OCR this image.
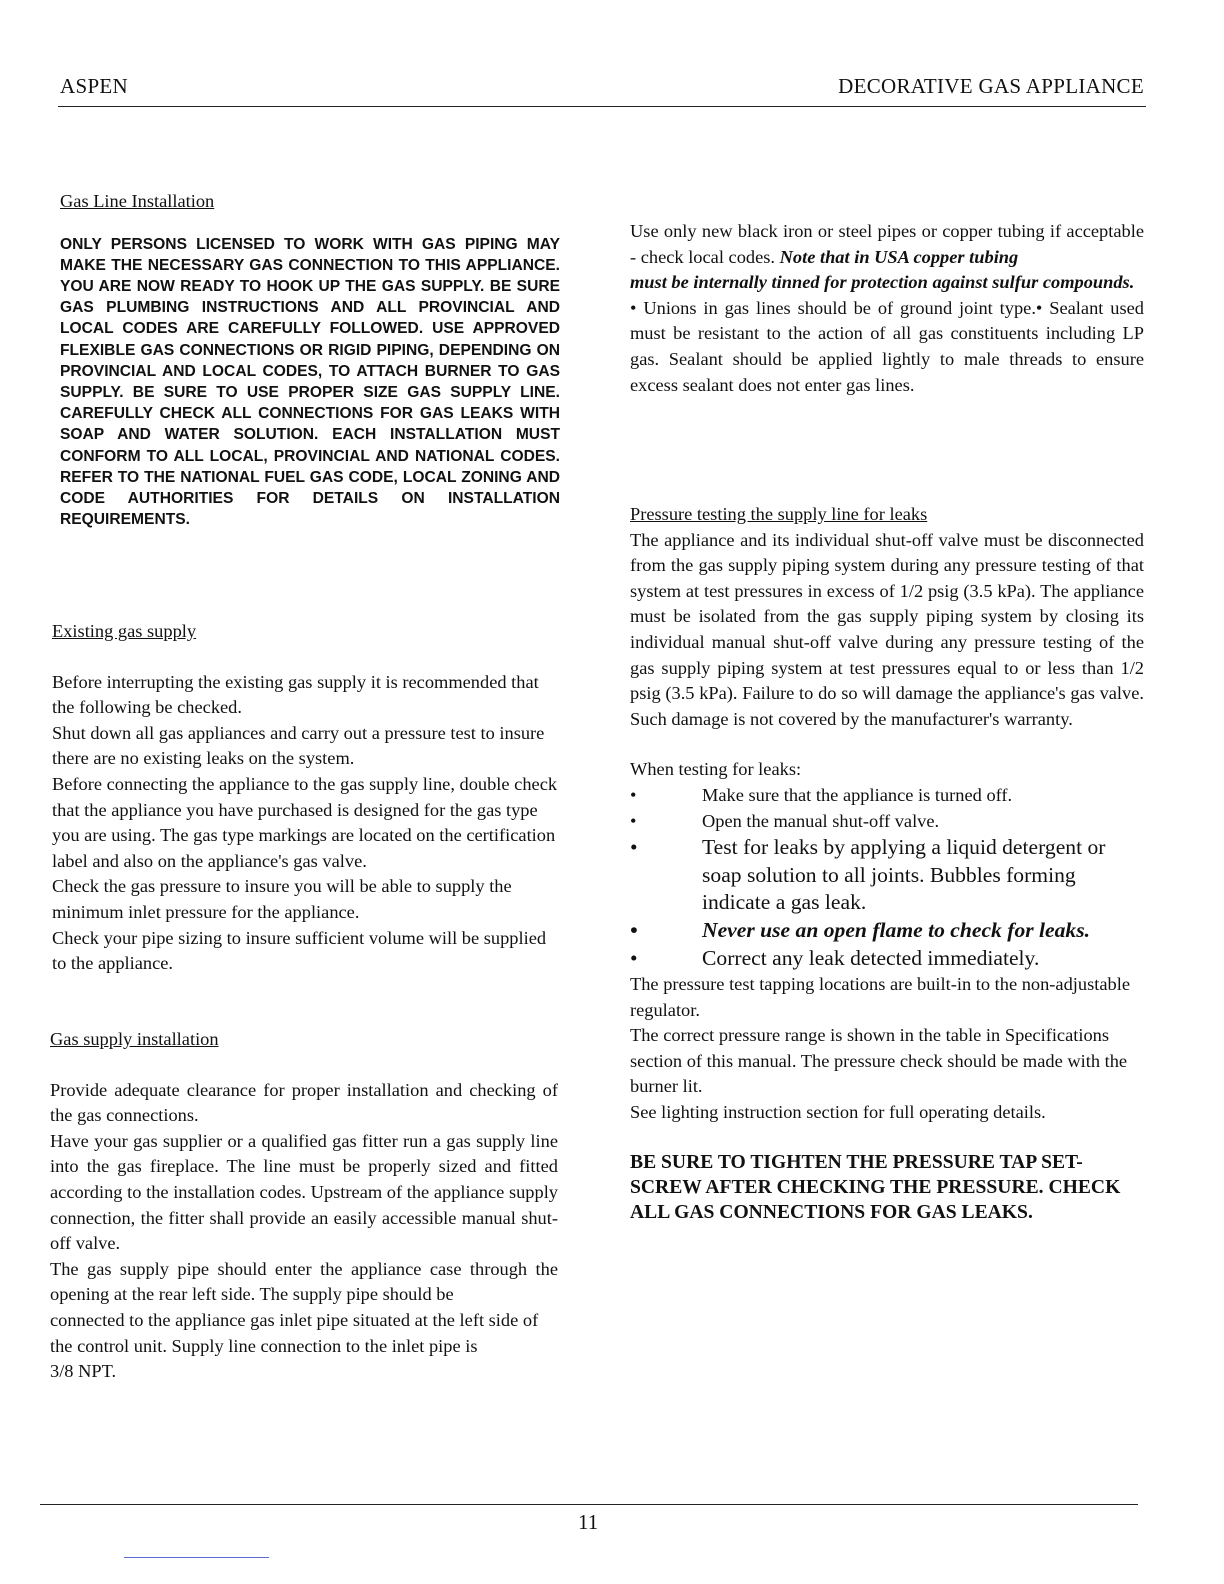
ASPEN	DECORATIVE GAS APPLIANCE

Gas Line Installation

ONLY PERSONS LICENSED TO WORK WITH GAS PIPING MAY MAKE THE NECESSARY GAS CONNECTION TO THIS APPLIANCE. YOU ARE NOW READY TO HOOK UP THE GAS SUPPLY. BE SURE GAS PLUMBING INSTRUCTIONS AND ALL PROVINCIAL AND LOCAL CODES ARE CAREFULLY FOLLOWED. USE APPROVED FLEXIBLE GAS CONNECTIONS OR RIGID PIPING, DEPENDING ON PROVINCIAL AND LOCAL CODES, TO ATTACH BURNER TO GAS SUPPLY. BE SURE TO USE PROPER SIZE GAS SUPPLY LINE. CAREFULLY CHECK ALL CONNECTIONS FOR GAS LEAKS WITH SOAP AND WATER SOLUTION. EACH INSTALLATION MUST CONFORM TO ALL LOCAL, PROVINCIAL AND NATIONAL CODES. REFER TO THE NATIONAL FUEL GAS CODE, LOCAL ZONING AND CODE AUTHORITIES FOR DETAILS ON INSTALLATION REQUIREMENTS.

Existing gas supply

Before interrupting the existing gas supply it is recommended that the following be checked.

Shut down all gas appliances and carry out a pressure test to insure there are no existing leaks on the system.

Before connecting the appliance to the gas supply line, double check that the appliance you have purchased is designed for the gas type you are using. The gas type markings are located on the certification label and also on the appliance's gas valve.

Check the gas pressure to insure you will be able to supply the minimum inlet pressure for the appliance.

Check your pipe sizing to insure sufficient volume will be supplied to the appliance.

Gas supply installation

Provide adequate clearance for proper installation and checking of the gas connections.

Have your gas supplier or a qualified gas fitter run a gas supply line into the gas fireplace. The line must be properly sized and fitted according to the installation codes. Upstream of the appliance supply connection, the fitter shall provide an easily accessible manual shut-off valve.

The gas supply pipe should enter the appliance case through the opening at the rear left side. The supply pipe should be

connected to the appliance gas inlet pipe situated at the left side of the control unit. Supply line connection to the inlet pipe is

3/8 NPT.

Use only new black iron or steel pipes or copper tubing if acceptable - check local codes. Note that in USA copper tubing

must be internally tinned for protection against sulfur compounds.

• Unions in gas lines should be of ground joint type.• Sealant used must be resistant to the action of all gas constituents including LP gas. Sealant should be applied lightly to male threads to ensure excess sealant does not enter gas lines.

Pressure testing the supply line for leaks

The appliance and its individual shut-off valve must be disconnected from the gas supply piping system during any pressure testing of that system at test pressures in excess of 1/2 psig (3.5 kPa). The appliance must be isolated from the gas supply piping system by closing its individual manual shut-off valve during any pressure testing of the gas supply piping system at test pressures equal to or less than 1/2 psig (3.5 kPa). Failure to do so will damage the appliance's gas valve. Such damage is not covered by the manufacturer's warranty.

When testing for leaks:

• Make sure that the appliance is turned off.
• Open the manual shut-off valve.
• Test for leaks by applying a liquid detergent or soap solution to all joints. Bubbles forming indicate a gas leak.
• Never use an open flame to check for leaks.
• Correct any leak detected immediately.

The pressure test tapping locations are built-in to the non-adjustable regulator.

The correct pressure range is shown in the table in Specifications section of this manual. The pressure check should be made with the burner lit.

See lighting instruction section for full operating details.

BE SURE TO TIGHTEN THE PRESSURE TAP SET-SCREW AFTER CHECKING THE PRESSURE. CHECK ALL GAS CONNECTIONS FOR GAS LEAKS.

11
